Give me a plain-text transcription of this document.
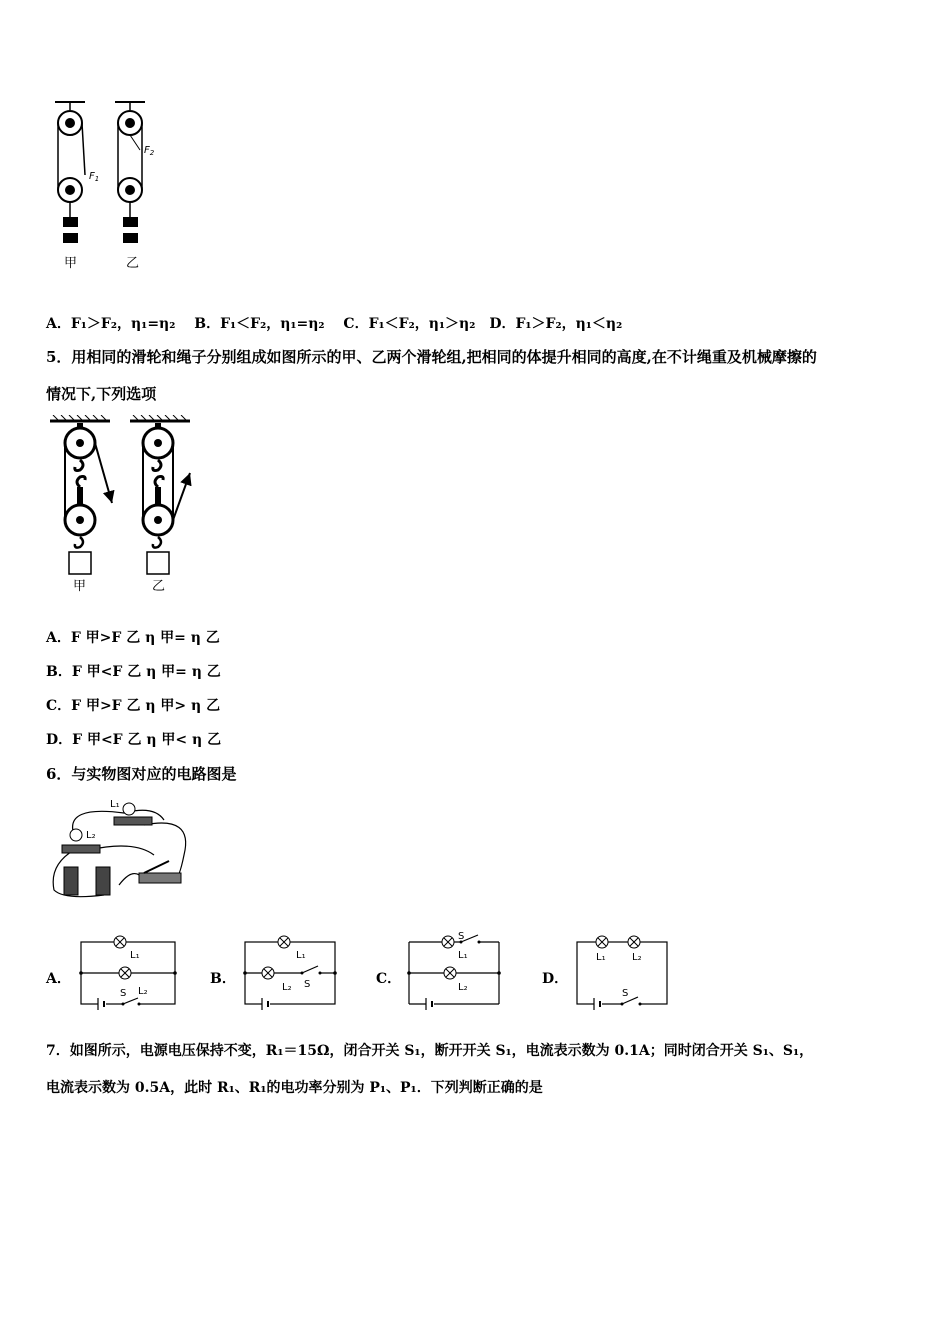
甲
$F_1$
乙
$F_2$
A．F₁＞F₂，η₁=η₂　 B．F₁＜F₂，η₁=η₂　 C．F₁＜F₂，η₁＞η₂　D．F₁＞F₂，η₁＜η₂
5．用相同的滑轮和绳子分别组成如图所示的甲、乙两个滑轮组,把相同的体提升相同的高度,在不计绳重及机械摩擦的
情况下,下列选项
甲	乙
A．F 甲>F 乙 η 甲= η 乙
B．F 甲<F 乙 η 甲= η 乙
C．F 甲>F 乙 η 甲> η 乙
D．F 甲<F 乙 η 甲< η 乙
6．与实物图对应的电路图是
L₁
L₂
A．	B．	C．	D．
L₁
L₂
S
L₁
L₂ S
S
L₁
L₂
L₁	L₂
S
7．如图所示，电源电压保持不变，R₁＝15Ω，闭合开关 S₁，断开开关 S₁，电流表示数为 0.1A；同时闭合开关 S₁、S₁，
电流表示数为 0.5A，此时 R₁、R₁的电功率分别为 P₁、P₁．下列判断正确的是
